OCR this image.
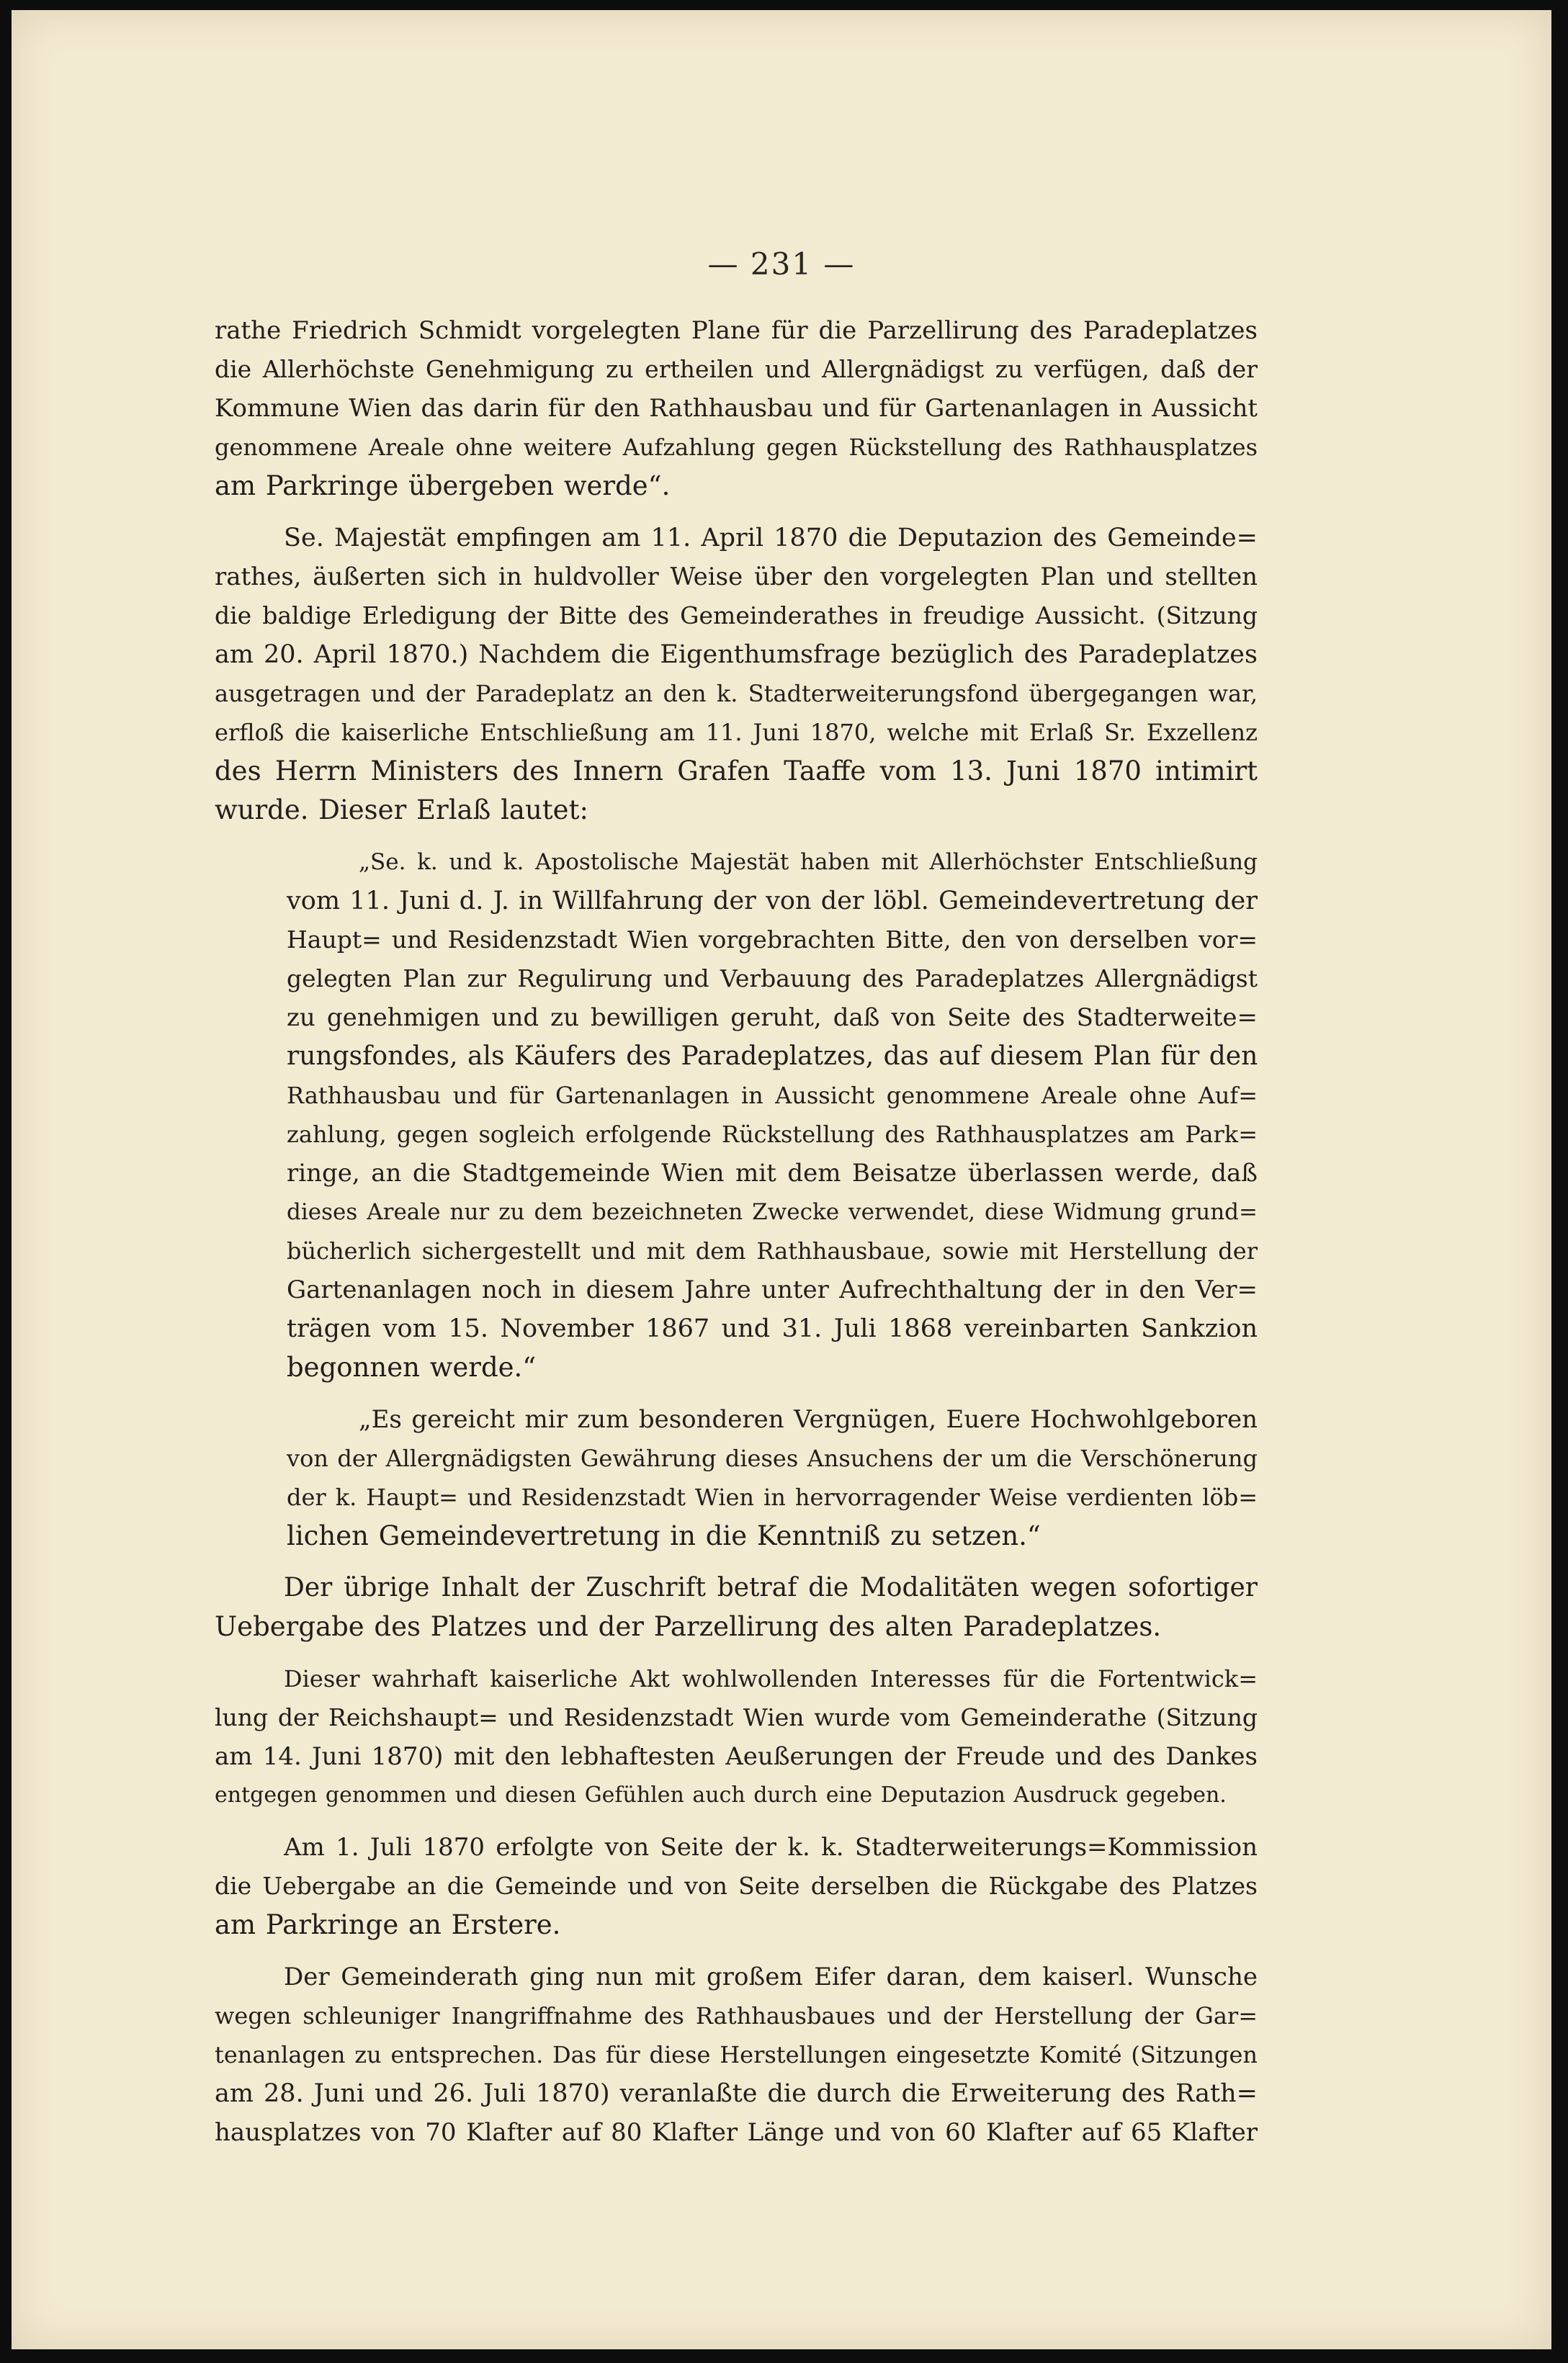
— 231 —
rathe Friedrich Schmidt vorgelegten Plane für die Parzellirung des Paradeplatzes
die Allerhöchste Genehmigung zu ertheilen und Allergnädigst zu verfügen, daß der
Kommune Wien das darin für den Rathhausbau und für Gartenanlagen in Aussicht
genommene Areale ohne weitere Aufzahlung gegen Rückstellung des Rathhausplatzes
am Parkringe übergeben werde“.
Se. Majestät empfingen am 11. April 1870 die Deputazion des Gemeinde=
rathes, äußerten sich in huldvoller Weise über den vorgelegten Plan und stellten
die baldige Erledigung der Bitte des Gemeinderathes in freudige Aussicht. (Sitzung
am 20. April 1870.) Nachdem die Eigenthumsfrage bezüglich des Paradeplatzes
ausgetragen und der Paradeplatz an den k. Stadterweiterungsfond übergegangen war,
erfloß die kaiserliche Entschließung am 11. Juni 1870, welche mit Erlaß Sr. Exzellenz
des Herrn Ministers des Innern Grafen Taaffe vom 13. Juni 1870 intimirt
wurde. Dieser Erlaß lautet:
„Se. k. und k. Apostolische Majestät haben mit Allerhöchster Entschließung
vom 11. Juni d. J. in Willfahrung der von der löbl. Gemeindevertretung der
Haupt= und Residenzstadt Wien vorgebrachten Bitte, den von derselben vor=
gelegten Plan zur Regulirung und Verbauung des Paradeplatzes Allergnädigst
zu genehmigen und zu bewilligen geruht, daß von Seite des Stadterweite=
rungsfondes, als Käufers des Paradeplatzes, das auf diesem Plan für den
Rathhausbau und für Gartenanlagen in Aussicht genommene Areale ohne Auf=
zahlung, gegen sogleich erfolgende Rückstellung des Rathhausplatzes am Park=
ringe, an die Stadtgemeinde Wien mit dem Beisatze überlassen werde, daß
dieses Areale nur zu dem bezeichneten Zwecke verwendet, diese Widmung grund=
bücherlich sichergestellt und mit dem Rathhausbaue, sowie mit Herstellung der
Gartenanlagen noch in diesem Jahre unter Aufrechthaltung der in den Ver=
trägen vom 15. November 1867 und 31. Juli 1868 vereinbarten Sankzion
begonnen werde.“
„Es gereicht mir zum besonderen Vergnügen, Euere Hochwohlgeboren
von der Allergnädigsten Gewährung dieses Ansuchens der um die Verschönerung
der k. Haupt= und Residenzstadt Wien in hervorragender Weise verdienten löb=
lichen Gemeindevertretung in die Kenntniß zu setzen.“
Der übrige Inhalt der Zuschrift betraf die Modalitäten wegen sofortiger
Uebergabe des Platzes und der Parzellirung des alten Paradeplatzes.
Dieser wahrhaft kaiserliche Akt wohlwollenden Interesses für die Fortentwick=
lung der Reichshaupt= und Residenzstadt Wien wurde vom Gemeinderathe (Sitzung
am 14. Juni 1870) mit den lebhaftesten Aeußerungen der Freude und des Dankes
entgegen genommen und diesen Gefühlen auch durch eine Deputazion Ausdruck gegeben.
Am 1. Juli 1870 erfolgte von Seite der k. k. Stadterweiterungs=Kommission
die Uebergabe an die Gemeinde und von Seite derselben die Rückgabe des Platzes
am Parkringe an Erstere.
Der Gemeinderath ging nun mit großem Eifer daran, dem kaiserl. Wunsche
wegen schleuniger Inangriffnahme des Rathhausbaues und der Herstellung der Gar=
tenanlagen zu entsprechen. Das für diese Herstellungen eingesetzte Komité (Sitzungen
am 28. Juni und 26. Juli 1870) veranlaßte die durch die Erweiterung des Rath=
hausplatzes von 70 Klafter auf 80 Klafter Länge und von 60 Klafter auf 65 Klafter
